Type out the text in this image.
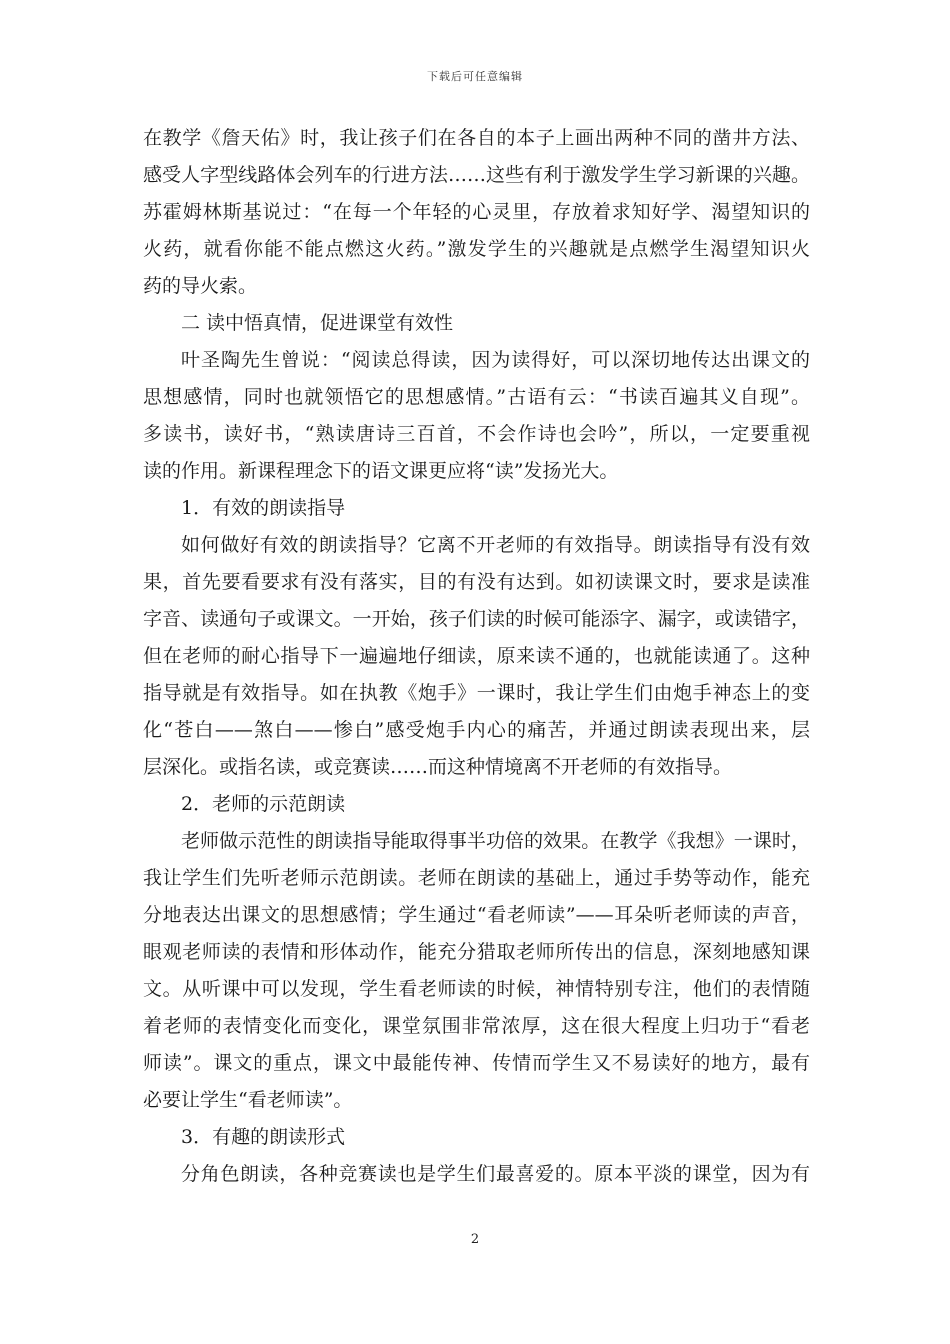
下载后可任意编辑
在教学《詹天佑》时，我让孩子们在各自的本子上画出两种不同的凿井方法、
感受人字型线路体会列车的行进方法……这些有利于激发学生学习新课的兴趣。
苏霍姆林斯基说过：“在每一个年轻的心灵里，存放着求知好学、渴望知识的
火药，就看你能不能点燃这火药。”激发学生的兴趣就是点燃学生渴望知识火
药的导火索。
二 读中悟真情，促进课堂有效性
叶圣陶先生曾说：“阅读总得读，因为读得好，可以深切地传达出课文的
思想感情，同时也就领悟它的思想感情。”古语有云：“书读百遍其义自现”。
多读书，读好书，“熟读唐诗三百首，不会作诗也会吟”，所以，一定要重视
读的作用。新课程理念下的语文课更应将“读”发扬光大。
1．有效的朗读指导
如何做好有效的朗读指导？它离不开老师的有效指导。朗读指导有没有效
果，首先要看要求有没有落实，目的有没有达到。如初读课文时，要求是读准
字音、读通句子或课文。一开始，孩子们读的时候可能添字、漏字，或读错字，
但在老师的耐心指导下一遍遍地仔细读，原来读不通的，也就能读通了。这种
指导就是有效指导。如在执教《炮手》一课时，我让学生们由炮手神态上的变
化“苍白——煞白——惨白”感受炮手内心的痛苦，并通过朗读表现出来，层
层深化。或指名读，或竞赛读……而这种情境离不开老师的有效指导。
2．老师的示范朗读
老师做示范性的朗读指导能取得事半功倍的效果。在教学《我想》一课时，
我让学生们先听老师示范朗读。老师在朗读的基础上，通过手势等动作，能充
分地表达出课文的思想感情；学生通过“看老师读”——耳朵听老师读的声音，
眼观老师读的表情和形体动作，能充分猎取老师所传出的信息，深刻地感知课
文。从听课中可以发现，学生看老师读的时候，神情特别专注，他们的表情随
着老师的表情变化而变化，课堂氛围非常浓厚，这在很大程度上归功于“看老
师读”。课文的重点，课文中最能传神、传情而学生又不易读好的地方，最有
必要让学生“看老师读”。
3．有趣的朗读形式
分角色朗读，各种竞赛读也是学生们最喜爱的。原本平淡的课堂，因为有
2
